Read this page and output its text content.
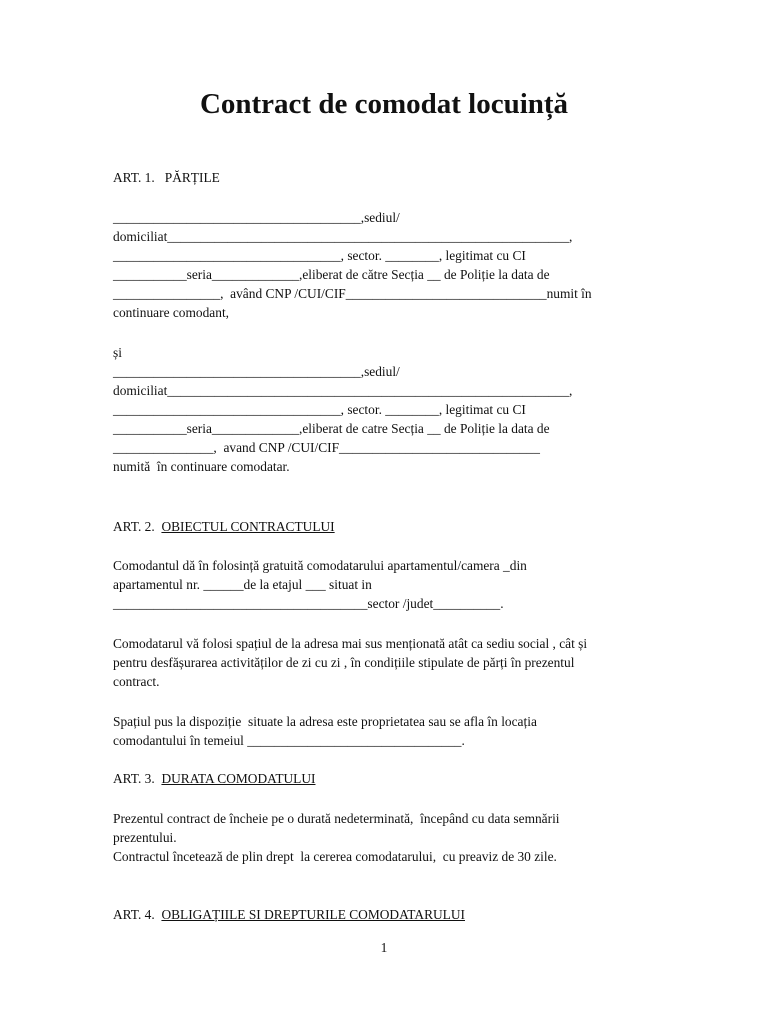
Contract de comodat locuință

ART. 1.   PĂRȚILE

_____________________________________,sediul/

domiciliat____________________________________________________________,

__________________________________, sector. ________, legitimat cu CI

___________seria_____________,eliberat de către Secția __ de Poliție la data de

________________,  având CNP /CUI/CIF______________________________numit în

continuare comodant,

și

_____________________________________,sediul/

domiciliat____________________________________________________________,

__________________________________, sector. ________, legitimat cu CI

___________seria_____________,eliberat de catre Secția __ de Poliție la data de

_______________,  avand CNP /CUI/CIF______________________________

numită  în continuare comodatar.

ART. 2. OBIECTUL CONTRACTULUI

Comodantul dă în folosință gratuită comodatarului apartamentul/camera _din

apartamentul nr. ______de la etajul ___ situat in

______________________________________sector /judet__________.

Comodatarul vă folosi spațiul de la adresa mai sus menționată atât ca sediu social , cât și

pentru desfășurarea activităților de zi cu zi , în condițiile stipulate de părți în prezentul

contract.

Spațiul pus la dispoziție  situate la adresa este proprietatea sau se afla în locația

comodantului în temeiul ________________________________.

ART. 3. DURATA COMODATULUI

Prezentul contract de încheie pe o durată nedeterminată,  începând cu data semnării

prezentului.

Contractul încetează de plin drept  la cererea comodatarului,  cu preaviz de 30 zile.

ART. 4. OBLIGAȚIILE SI DREPTURILE COMODATARULUI

1
